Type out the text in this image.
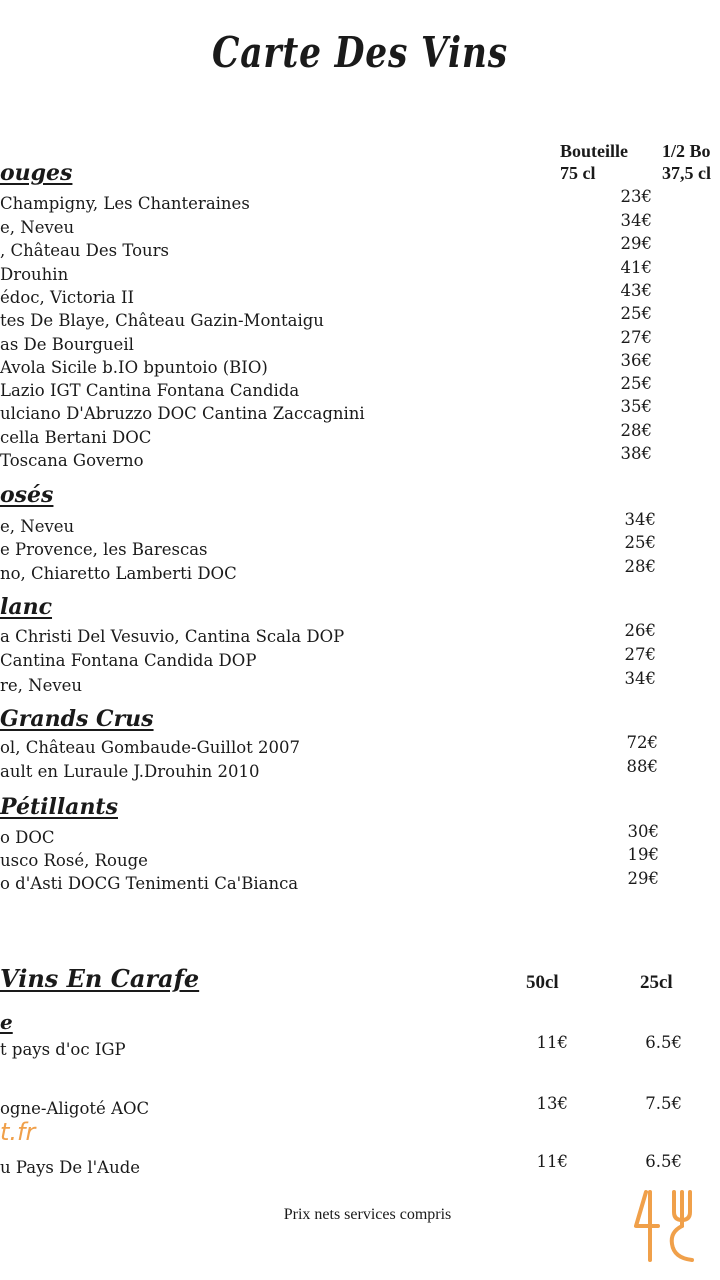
Carte Des Vins
Bouteille
75 cl
1/2 Bo
37,5 cl
ouges
Champigny, Les Chanteraines	23€
e, Neveu	34€
, Château Des Tours	29€
Drouhin	41€
édoc, Victoria II	43€
tes De Blaye, Château Gazin-Montaigu	25€
as De Bourgueil	27€
Avola Sicile b.IO bpuntoio (BIO)	36€
Lazio IGT Cantina Fontana Candida	25€
ulciano D'Abruzzo DOC Cantina Zaccagnini	35€
cella Bertani DOC	28€
Toscana Governo	38€
osés
e, Neveu	34€
e Provence, les Barescas	25€
no, Chiaretto Lamberti DOC	28€
lanc
a Christi Del Vesuvio, Cantina Scala DOP	26€
Cantina Fontana Candida DOP	27€
re, Neveu	34€
Grands Crus
ol, Château Gombaude-Guillot 2007	72€
ault en Luraule J.Drouhin 2010	88€
Pétillants
o DOC	30€
usco Rosé, Rouge	19€
o d'Asti DOCG Tenimenti Ca'Bianca	29€
Vins En Carafe	50cl	25cl
e
t pays d'oc IGP	11€	6.5€
ogne-Aligoté AOC	13€	7.5€
t.fr
u Pays De l'Aude	11€	6.5€
Prix nets services compris
